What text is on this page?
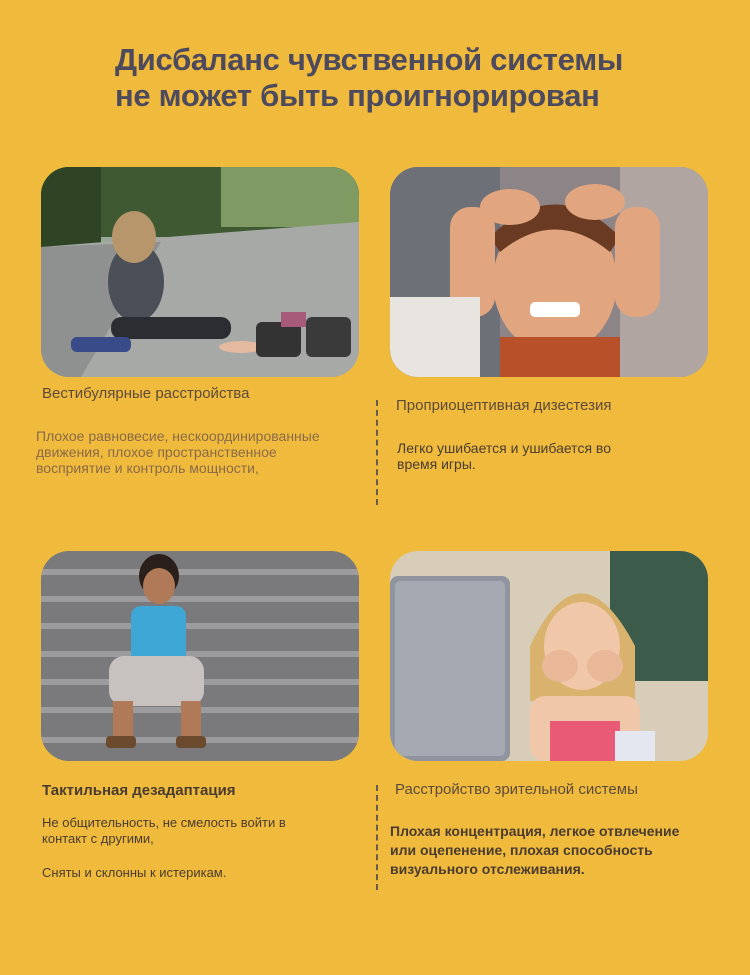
Дисбаланс чувственной системы
не может быть проигнорирован
Вестибулярные расстройства
Плохое равновесие, нескоординированные
движения, плохое пространственное
восприятие и контроль мощности,
Проприоцептивная дизестезия
Легко ушибается и ушибается во
время игры.
Тактильная дезадаптация
Не общительность, не смелость войти в
контакт с другими,
Сняты и склонны к истерикам.
Расстройство зрительной системы
Плохая концентрация, легкое отвлечение
или оцепенение, плохая способность
визуального отслеживания.
